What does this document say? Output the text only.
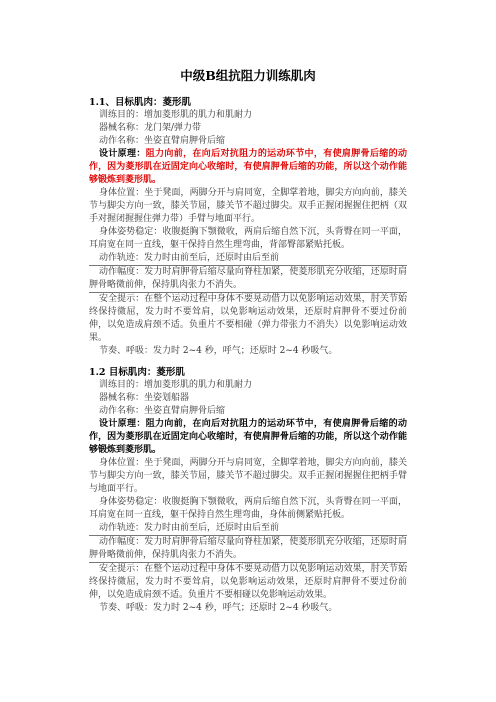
中级B组抗阻力训练肌肉

1.1、目标肌肉：菱形肌

训练目的：增加菱形肌的肌力和肌耐力

器械名称：龙门架/弹力带

动作名称：坐姿直臂肩胛骨后缩

设计原理：阻力向前，在向后对抗阻力的运动环节中，有使肩胛骨后缩的动作，因为菱形肌在近固定向心收缩时，有使肩胛骨后缩的功能，所以这个动作能够锻炼到菱形肌。

身体位置：坐于凳面，两脚分开与肩同宽，全脚掌着地，脚尖方向向前，膝关节与脚尖方向一致，膝关节屈，膝关节不超过脚尖。双手正握闭握握住把柄（双手对握闭握握住弹力带）手臂与地面平行。

身体姿势稳定：收腹挺胸下颚微收，两肩后缩自然下沉，头背臀在同一平面，耳肩宽在同一直线，躯干保持自然生理弯曲，背部臀部紧贴托板。

动作轨迹：发力时由前至后，还原时由后至前

动作幅度：发力时肩胛骨后缩尽量向脊柱加紧，使菱形肌充分收缩，还原时肩胛骨略微前伸，保持肌肉张力不消失。

安全提示：在整个运动过程中身体不要晃动借力以免影响运动效果，肘关节始终保持微屈，发力时不要耸肩，以免影响运动效果，还原时肩胛骨不要过份前伸，以免造成肩颈不适。负重片不要相碰（弹力带张力不消失）以免影响运动效果。

节奏、呼吸：发力时 2~4 秒，呼气；还原时 2~4 秒吸气。

1.2 目标肌肉：菱形肌

训练目的：增加菱形肌的肌力和肌耐力

器械名称：坐姿划船器

动作名称：坐姿直臂肩胛骨后缩

设计原理：阻力向前，在向后对抗阻力的运动环节中，有使肩胛骨后缩的动作，因为菱形肌在近固定向心收缩时，有使肩胛骨后缩的功能，所以这个动作能够锻炼到菱形肌。

身体位置：坐于凳面，两脚分开与肩同宽，全脚掌着地，脚尖方向向前，膝关节与脚尖方向一致，膝关节屈，膝关节不超过脚尖。双手正握闭握握住把柄手臂与地面平行。

身体姿势稳定：收腹挺胸下颚微收，两肩后缩自然下沉，头背臀在同一平面，耳肩宽在同一直线，躯干保持自然生理弯曲，身体前侧紧贴托板。

动作轨迹：发力时由前至后，还原时由后至前

动作幅度：发力时肩胛骨后缩尽量向脊柱加紧，使菱形肌充分收缩，还原时肩胛骨略微前伸，保持肌肉张力不消失。

安全提示：在整个运动过程中身体不要晃动借力以免影响运动效果，肘关节始终保持微屈，发力时不要耸肩，以免影响运动效果，还原时肩胛骨不要过份前伸，以免造成肩颈不适。负重片不要相碰以免影响运动效果。

节奏、呼吸：发力时 2~4 秒，呼气；还原时 2~4 秒吸气。
